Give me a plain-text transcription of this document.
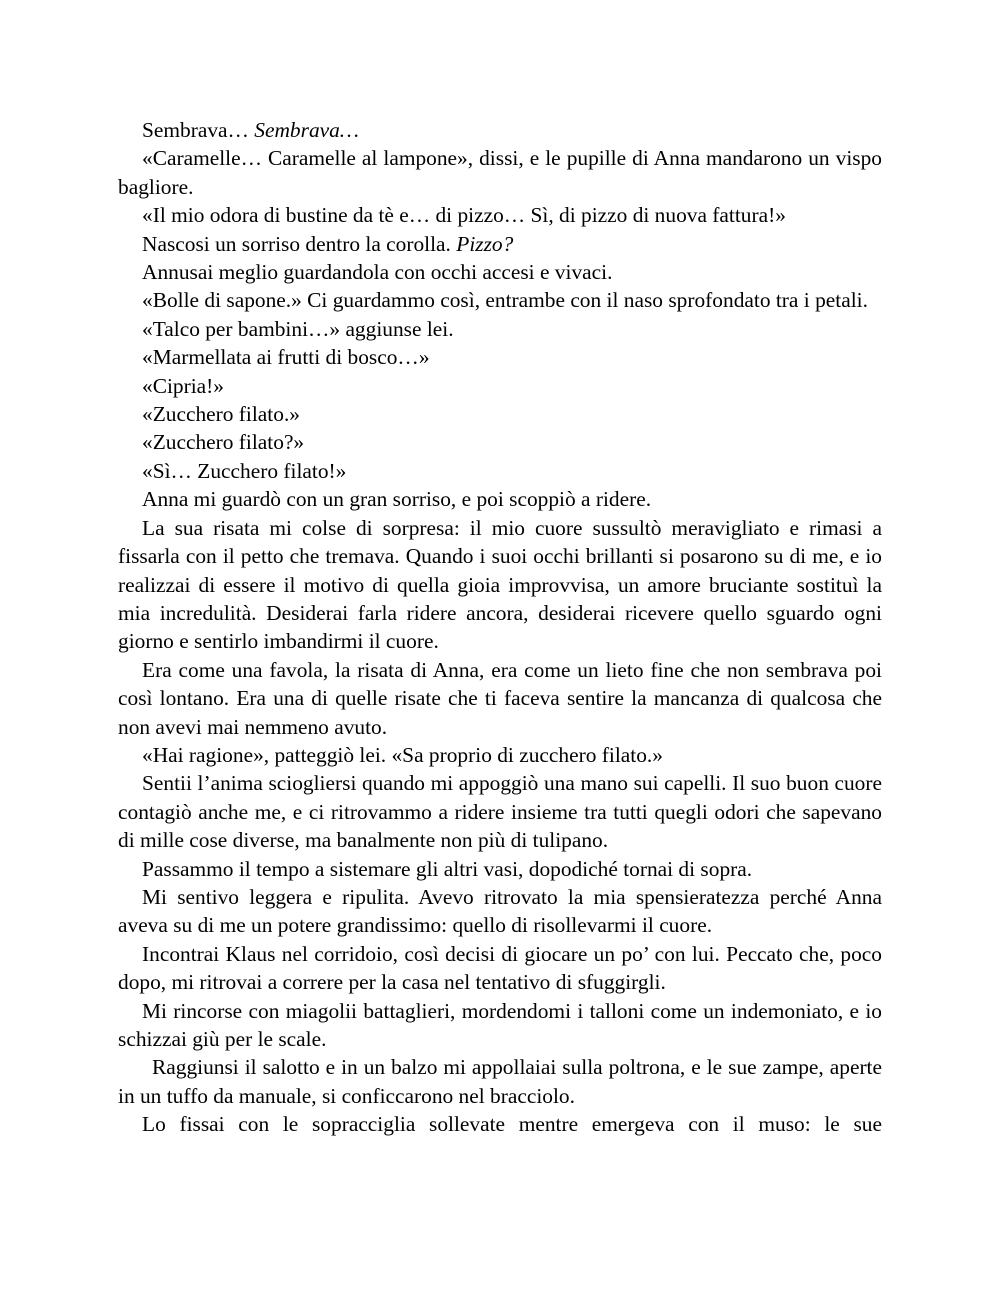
Sembrava… Sembrava…

«Caramelle… Caramelle al lampone», dissi, e le pupille di Anna mandarono un vispo bagliore.

«Il mio odora di bustine da tè e… di pizzo… Sì, di pizzo di nuova fattura!»

Nascosi un sorriso dentro la corolla. Pizzo?

Annusai meglio guardandola con occhi accesi e vivaci.

«Bolle di sapone.» Ci guardammo così, entrambe con il naso sprofondato tra i petali.

«Talco per bambini…» aggiunse lei.

«Marmellata ai frutti di bosco…»

«Cipria!»

«Zucchero filato.»

«Zucchero filato?»

«Sì… Zucchero filato!»

Anna mi guardò con un gran sorriso, e poi scoppiò a ridere.

La sua risata mi colse di sorpresa: il mio cuore sussultò meravigliato e rimasi a fissarla con il petto che tremava. Quando i suoi occhi brillanti si posarono su di me, e io realizzai di essere il motivo di quella gioia improvvisa, un amore bruciante sostituì la mia incredulità. Desiderai farla ridere ancora, desiderai ricevere quello sguardo ogni giorno e sentirlo imbandirmi il cuore.

Era come una favola, la risata di Anna, era come un lieto fine che non sembrava poi così lontano. Era una di quelle risate che ti faceva sentire la mancanza di qualcosa che non avevi mai nemmeno avuto.

«Hai ragione», patteggiò lei. «Sa proprio di zucchero filato.»

Sentii l’anima sciogliersi quando mi appoggiò una mano sui capelli. Il suo buon cuore contagiò anche me, e ci ritrovammo a ridere insieme tra tutti quegli odori che sapevano di mille cose diverse, ma banalmente non più di tulipano.

Passammo il tempo a sistemare gli altri vasi, dopodiché tornai di sopra.

Mi sentivo leggera e ripulita. Avevo ritrovato la mia spensieratezza perché Anna aveva su di me un potere grandissimo: quello di risollevarmi il cuore.

Incontrai Klaus nel corridoio, così decisi di giocare un po’ con lui. Peccato che, poco dopo, mi ritrovai a correre per la casa nel tentativo di sfuggirgli.

Mi rincorse con miagolii battaglieri, mordendomi i talloni come un indemoniato, e io schizzai giù per le scale.

Raggiunsi il salotto e in un balzo mi appollaiai sulla poltrona, e le sue zampe, aperte in un tuffo da manuale, si conficcarono nel bracciolo.

Lo fissai con le sopracciglia sollevate mentre emergeva con il muso: le sue
